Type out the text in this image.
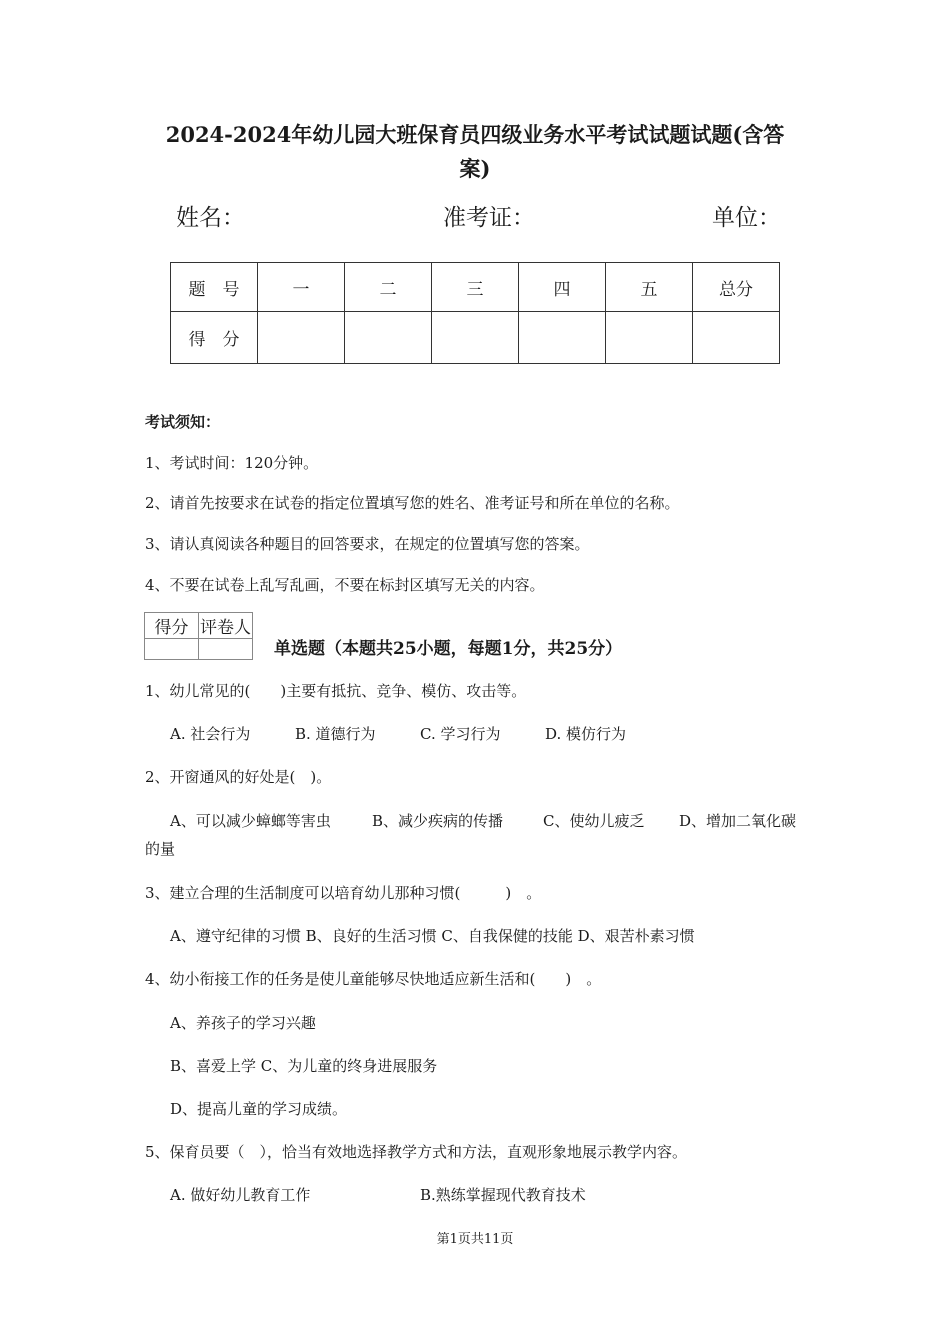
2024-2024年幼儿园大班保育员四级业务水平考试试题试题(含答
案)
姓名：	准考证：	单位：
题　号	一	二	三	四	五	总分
得　分						
考试须知：
1、考试时间：120分钟。
2、请首先按要求在试卷的指定位置填写您的姓名、准考证号和所在单位的名称。
3、请认真阅读各种题目的回答要求，在规定的位置填写您的答案。
4、不要在试卷上乱写乱画，不要在标封区填写无关的内容。
得分	评卷人

单选题（本题共25小题，每题1分，共25分）
1、幼儿常见的(　　)主要有抵抗、竞争、模仿、攻击等。
A. 社会行为	B. 道德行为	C. 学习行为	D. 模仿行为
2、开窗通风的好处是(　)。
A、可以减少蟑螂等害虫	B、减少疾病的传播	C、使幼儿疲乏 D、增加二氧化碳
的量
3、建立合理的生活制度可以培育幼儿那种习惯(　　　)　。
A、遵守纪律的习惯 B、良好的生活习惯 C、自我保健的技能 D、艰苦朴素习惯
4、幼小衔接工作的任务是使儿童能够尽快地适应新生活和(　　)　。
A、养孩子的学习兴趣
B、喜爱上学 C、为儿童的终身进展服务
D、提高儿童的学习成绩。
5、保育员要（　），恰当有效地选择教学方式和方法，直观形象地展示教学内容。
A. 做好幼儿教育工作	B.熟练掌握现代教育技术
第1页共11页
